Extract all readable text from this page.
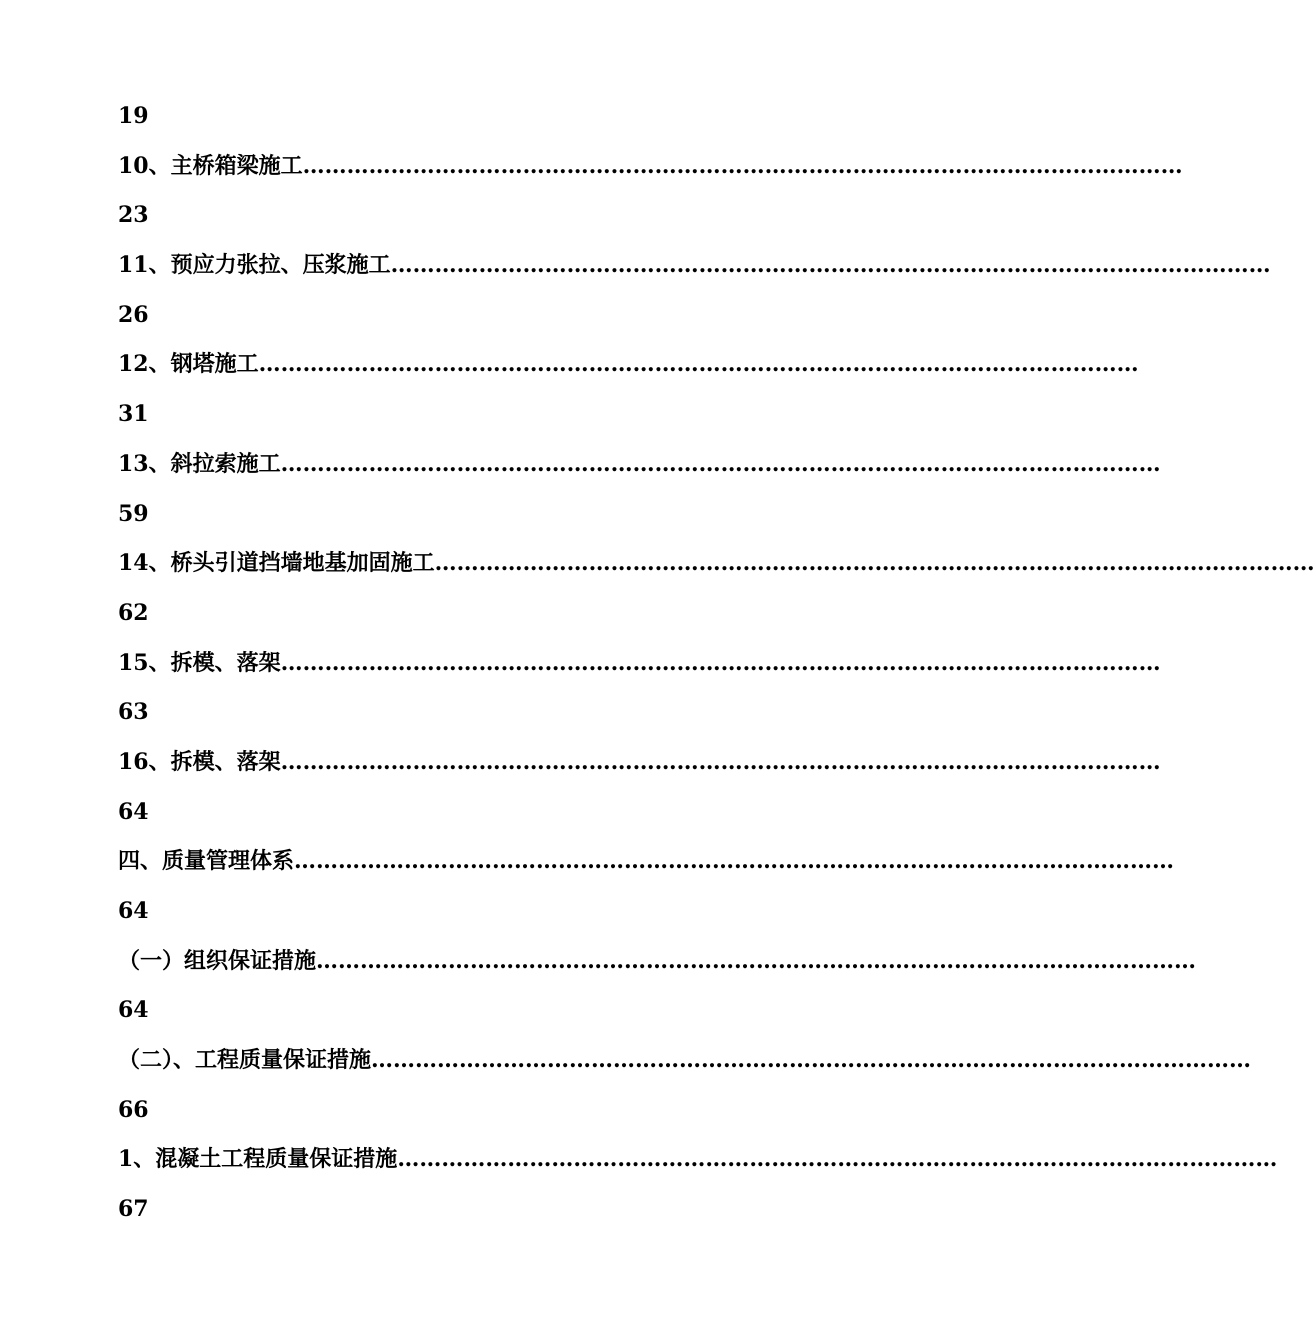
19
10、主桥箱梁施工…………………………………………………………………………………………………………
23
11、预应力张拉、压浆施工…………………………………………………………………………………………………………
26
12、钢塔施工…………………………………………………………………………………………………………
31
13、斜拉索施工…………………………………………………………………………………………………………
59
14、桥头引道挡墙地基加固施工…………………………………………………………………………………………………………
62
15、拆模、落架…………………………………………………………………………………………………………
63
16、拆模、落架…………………………………………………………………………………………………………
64
四、质量管理体系…………………………………………………………………………………………………………
64
（一）组织保证措施…………………………………………………………………………………………………………
64
（二）、工程质量保证措施…………………………………………………………………………………………………………
66
1、混凝土工程质量保证措施…………………………………………………………………………………………………………
67
